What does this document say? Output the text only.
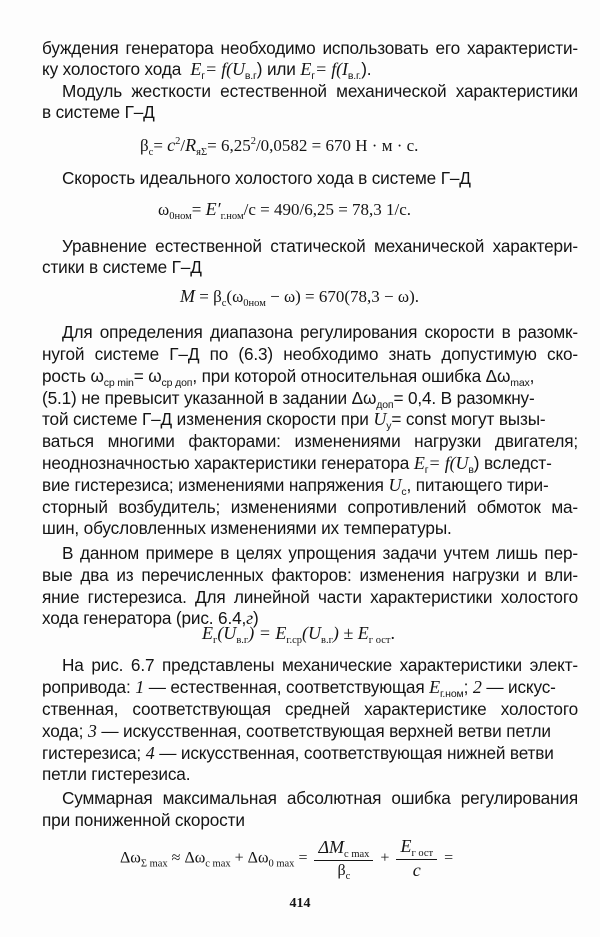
буждения генератора необходимо использовать его характеристи-
ку холостого хода $E_г= f(U_{в.г})$ или $E_г= f(I_{в.г.})$.
Модуль жесткости естественной механической характеристики
в системе Г–Д
$\beta_с= c^2/R_{я\Sigma}= 6,25^2/0,0582 = 670$ Н · м · с.
Скорость идеального холостого хода в системе Г–Д
$\omega_{0ном}= E'_{г.ном}/c = 490/6,25 = 78,3$ 1/с.
Уравнение естественной статической механической характери-
стики в системе Г–Д
$M = \beta_с(\omega_{0ном} - \omega) = 670(78,3 - \omega)$.
Для определения диапазона регулирования скорости в разомк-
нугой системе Г–Д по (6.3) необходимо знать допустимую ско-
рость $\omega_{ср min}= \omega_{ср доп}$, при которой относительная ошибка $\Delta\omega_{max}$,
(5.1) не превысит указанной в задании $\Delta\omega_{доп}= 0,4$. В разомкну-
той системе Г–Д изменения скорости при $U_у=$ const могут вызы-
ваться многими факторами: изменениями нагрузки двигателя;
неоднозначностью характеристики генератора $E_г= f(U_в)$ вследст-
вие гистерезиса; изменениями напряжения $U_с$, питающего тири-
сторный возбудитель; изменениями сопротивлений обмоток ма-
шин, обусловленных изменениями их температуры.
В данном примере в целях упрощения задачи учтем лишь пер-
вые два из перечисленных факторов: изменения нагрузки и вли-
яние гистерезиса. Для линейной части характеристики холостого
хода генератора (рис. 6.4,г)
$E_г(U_{в.г}) = E_{г.ср}(U_{в.г}) \pm E_{г ост}$.
На рис. 6.7 представлены механические характеристики элект-
ропривода: 1 — естественная, соответствующая $E_{г.ном}$; 2 — искус-
ственная, соответствующая средней характеристике холостого
хода; 3 — искусственная, соответствующая верхней ветви петли
гистерезиса; 4 — искусственная, соответствующая нижней ветви
петли гистерезиса.
Суммарная максимальная абсолютная ошибка регулирования
при пониженной скорости
$\Delta\omega_{\Sigma max} \approx \Delta\omega_{c max} + \Delta\omega_{0 max} = \frac{\Delta M_{c max}}{\beta_с} + \frac{E_{г ост}}{c}$ =
414
